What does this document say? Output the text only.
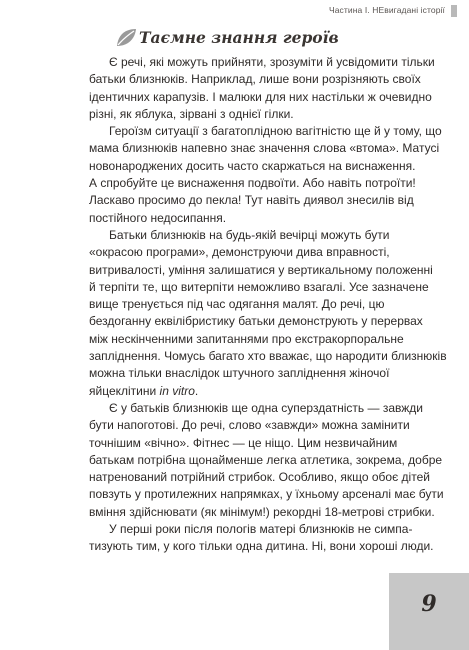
Частина I. НЕвигадані історії
Таємне знання героїв
Є речі, які можуть прийняти, зрозуміти й усвідомити тільки
батьки близнюків. Наприклад, лише вони розрізняють своїх
ідентичних карапузів. І малюки для них настільки ж очевидно
різні, як яблука, зірвані з однієї гілки.
Героїзм ситуації з багатоплідною вагітністю ще й у тому, що
мама близнюків напевно знає значення слова «втома». Матусі
новонароджених досить часто скаржаться на виснаження.
А спробуйте це виснаження подвоїти. Або навіть потроїти!
Ласкаво просимо до пекла! Тут навіть диявол знесилів від
постійного недосипання.
Батьки близнюків на будь-якій вечірці можуть бути
«окрасою програми», демонструючи дива вправності,
витривалості, уміння залишатися у вертикальному положенні
й терпіти те, що витерпіти неможливо взагалі. Усе зазначене
вище тренується під час одягання малят. До речі, цю
бездоганну еквілібристику батьки демонструють у перервах
між нескінченними запитаннями про екстракорпоральне
запліднення. Чомусь багато хто вважає, що народити близнюків
можна тільки внаслідок штучного запліднення жіночої
яйцеклітини in vitro.
Є у батьків близнюків ще одна суперздатність — завжди
бути напоготові. До речі, слово «завжди» можна замінити
точнішим «вічно». Фітнес — це ніщо. Цим незвичайним
батькам потрібна щонайменше легка атлетика, зокрема, добре
натренований потрійний стрибок. Особливо, якщо обоє дітей
повзуть у протилежних напрямках, у їхньому арсеналі має бути
вміння здійснювати (як мінімум!) рекордні 18-метрові стрибки.
У перші роки після пологів матері близнюків не симпа-
тизують тим, у кого тільки одна дитина. Ні, вони хороші люди.
9
